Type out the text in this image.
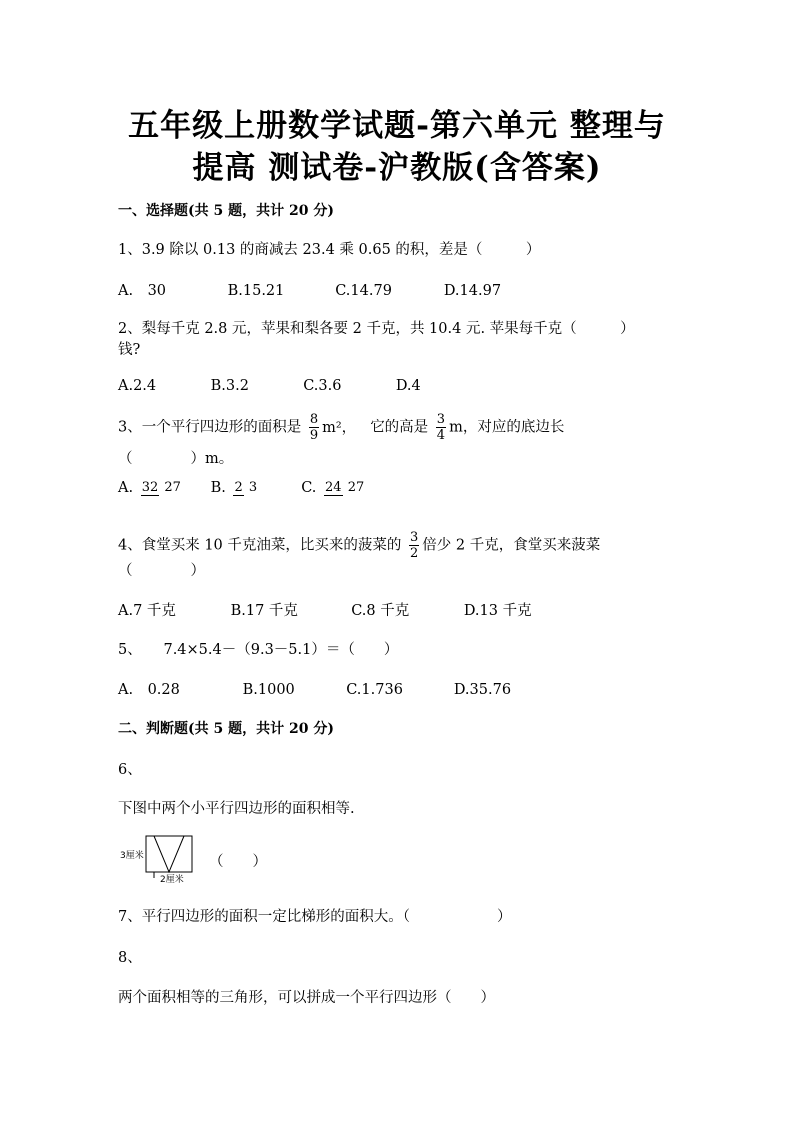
五年级上册数学试题-第六单元 整理与
提高 测试卷-沪教版(含答案)
一、选择题(共 5 题，共计 20 分)
1、3.9 除以 0.13 的商减去 23.4 乘 0.65 的积，差是（　　　）
A.　30	B.15.21	C.14.79	D.14.97
2、梨每千克 2.8 元，苹果和梨各要 2 千克，共 10.4 元. 苹果每千克（　　　）
钱?
A.2.4	B.3.2	C.3.6	D.4
3、一个平行四边形的面积是 $\frac{8}{9} m^2$， 它的高是 $\frac{3}{4}$ m，对应的底边长
（　　　　）m。
A. 32 27 B. 2 3	C. 24 27
4、食堂买来 10 千克油菜，比买来的菠菜的 $\frac{3}{2}$ 倍少 2 千克，食堂买来菠菜
（　　　　）
A.7 千克	B.17 千克	C.8 千克	D.13 千克
5、　　7.4×5.4－（9.3－5.1）＝（　　）
A.　0.28	B.1000	C.1.736	D.35.76
二、判断题(共 5 题，共计 20 分)
6、
下图中两个小平行四边形的面积相等.
3厘米
2厘米
（　　）
7、平行四边形的面积一定比梯形的面积大。（　　　　　　）
8、
两个面积相等的三角形，可以拼成一个平行四边形（　　）
